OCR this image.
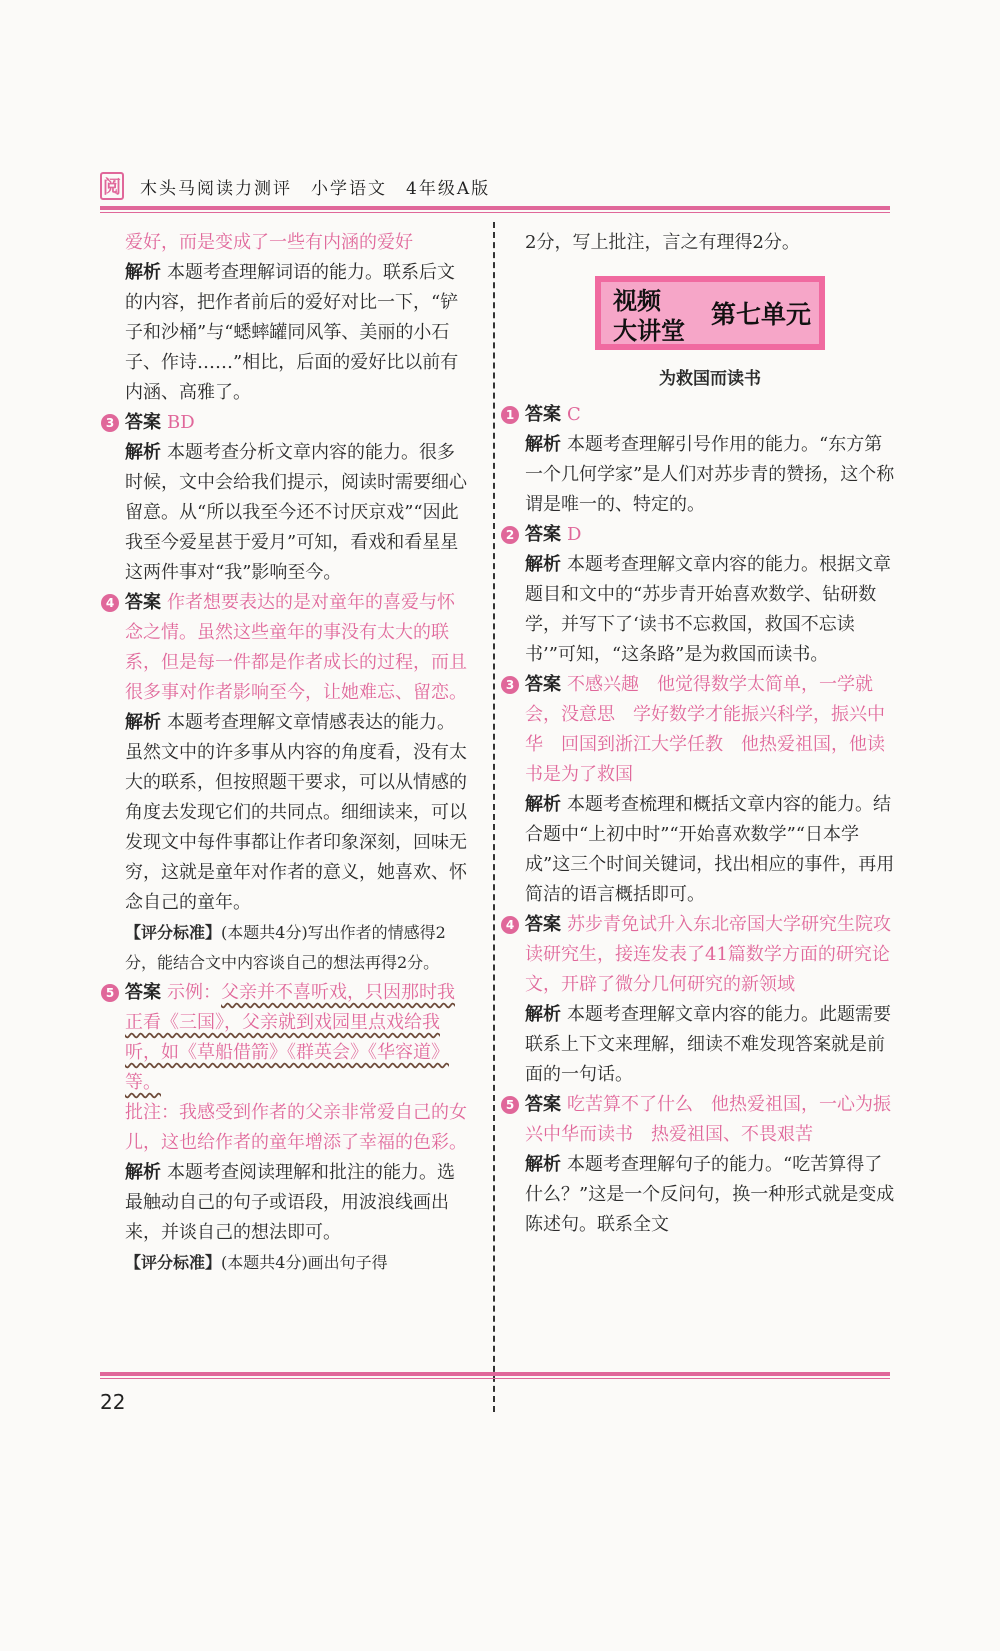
阅 木头马阅读力测评　小学语文　4年级A版

爱好，而是变成了一些有内涵的爱好

解析 本题考查理解词语的能力。联系后文的内容，把作者前后的爱好对比一下，“铲子和沙桶”与“蟋蟀罐同风筝、美丽的小石子、作诗……”相比，后面的爱好比以前有内涵、高雅了。

3 答案 BD

解析 本题考查分析文章内容的能力。很多时候，文中会给我们提示，阅读时需要细心留意。从“所以我至今还不讨厌京戏”“因此我至今爱星甚于爱月”可知，看戏和看星星这两件事对“我”影响至今。

4 答案 作者想要表达的是对童年的喜爱与怀念之情。虽然这些童年的事没有太大的联系，但是每一件都是作者成长的过程，而且很多事对作者影响至今，让她难忘、留恋。

解析 本题考查理解文章情感表达的能力。虽然文中的许多事从内容的角度看，没有太大的联系，但按照题干要求，可以从情感的角度去发现它们的共同点。细细读来，可以发现文中每件事都让作者印象深刻，回味无穷，这就是童年对作者的意义，她喜欢、怀念自己的童年。

【评分标准】(本题共4分)写出作者的情感得2分，能结合文中内容谈自己的想法再得2分。

5 答案 示例：父亲并不喜听戏，只因那时我正看《三国》，父亲就到戏园里点戏给我听，如《草船借箭》《群英会》《华容道》等。

批注：我感受到作者的父亲非常爱自己的女儿，这也给作者的童年增添了幸福的色彩。

解析 本题考查阅读理解和批注的能力。选最触动自己的句子或语段，用波浪线画出来，并谈自己的想法即可。

【评分标准】(本题共4分)画出句子得

2分，写上批注，言之有理得2分。

视频
大讲堂
第七单元
为救国而读书
1 答案 C

解析 本题考查理解引号作用的能力。“东方第一个几何学家”是人们对苏步青的赞扬，这个称谓是唯一的、特定的。

2 答案 D

解析 本题考查理解文章内容的能力。根据文章题目和文中的“苏步青开始喜欢数学、钻研数学，并写下了‘读书不忘救国，救国不忘读书’”可知，“这条路”是为救国而读书。

3 答案 不感兴趣　他觉得数学太简单，一学就会，没意思　学好数学才能振兴科学，振兴中华　回国到浙江大学任教　他热爱祖国，他读书是为了救国

解析 本题考查梳理和概括文章内容的能力。结合题中“上初中时”“开始喜欢数学”“日本学成”这三个时间关键词，找出相应的事件，再用简洁的语言概括即可。

4 答案 苏步青免试升入东北帝国大学研究生院攻读研究生，接连发表了41篇数学方面的研究论文，开辟了微分几何研究的新领域

解析 本题考查理解文章内容的能力。此题需要联系上下文来理解，细读不难发现答案就是前面的一句话。

5 答案 吃苦算不了什么　他热爱祖国，一心为振兴中华而读书　热爱祖国、不畏艰苦

解析 本题考查理解句子的能力。“吃苦算得了什么？”这是一个反问句，换一种形式就是变成陈述句。联系全文

22
